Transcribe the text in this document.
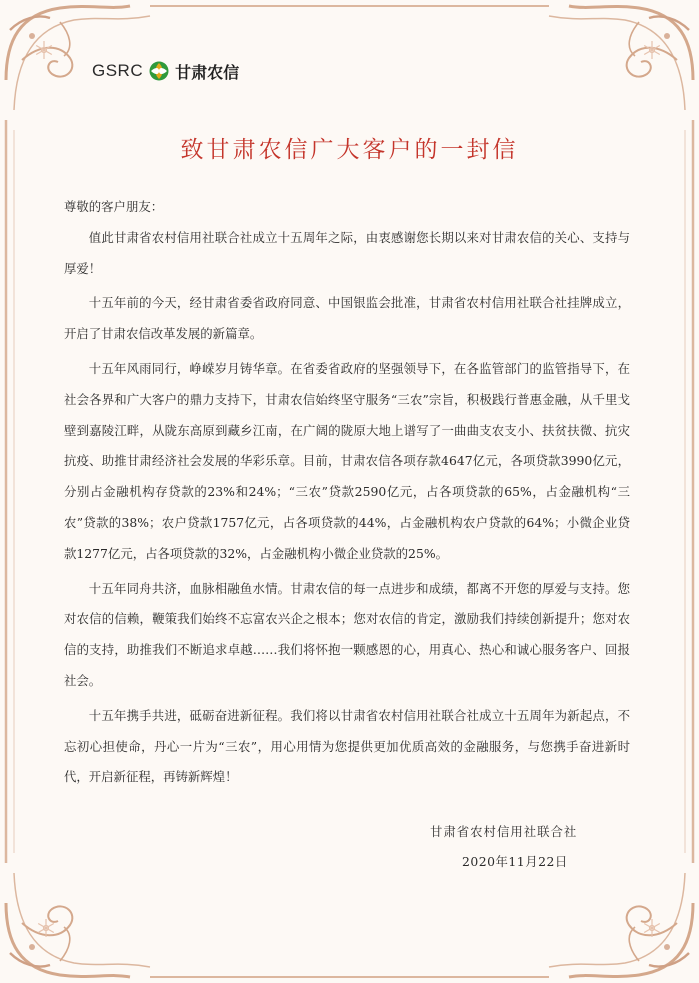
GSRC 甘肃农信
致甘肃农信广大客户的一封信

尊敬的客户朋友：

值此甘肃省农村信用社联合社成立十五周年之际，由衷感谢您长期以来对甘肃农信的关心、支持与厚爱！

十五年前的今天，经甘肃省委省政府同意、中国银监会批准，甘肃省农村信用社联合社挂牌成立，开启了甘肃农信改革发展的新篇章。

十五年风雨同行，峥嵘岁月铸华章。在省委省政府的坚强领导下，在各监管部门的监管指导下，在社会各界和广大客户的鼎力支持下，甘肃农信始终坚守服务“三农”宗旨，积极践行普惠金融，从千里戈壁到嘉陵江畔，从陇东高原到藏乡江南，在广阔的陇原大地上谱写了一曲曲支农支小、扶贫扶微、抗灾抗疫、助推甘肃经济社会发展的华彩乐章。目前，甘肃农信各项存款4647亿元，各项贷款3990亿元，分别占金融机构存贷款的23%和24%；“三农”贷款2590亿元，占各项贷款的65%，占金融机构“三农”贷款的38%；农户贷款1757亿元，占各项贷款的44%，占金融机构农户贷款的64%；小微企业贷款1277亿元，占各项贷款的32%，占金融机构小微企业贷款的25%。

十五年同舟共济，血脉相融鱼水情。甘肃农信的每一点进步和成绩，都离不开您的厚爱与支持。您对农信的信赖，鞭策我们始终不忘富农兴企之根本；您对农信的肯定，激励我们持续创新提升；您对农信的支持，助推我们不断追求卓越……我们将怀抱一颗感恩的心，用真心、热心和诚心服务客户、回报社会。

十五年携手共进，砥砺奋进新征程。我们将以甘肃省农村信用社联合社成立十五周年为新起点，不忘初心担使命，丹心一片为“三农”，用心用情为您提供更加优质高效的金融服务，与您携手奋进新时代，开启新征程，再铸新辉煌！

甘肃省农村信用社联合社
2020年11月22日
